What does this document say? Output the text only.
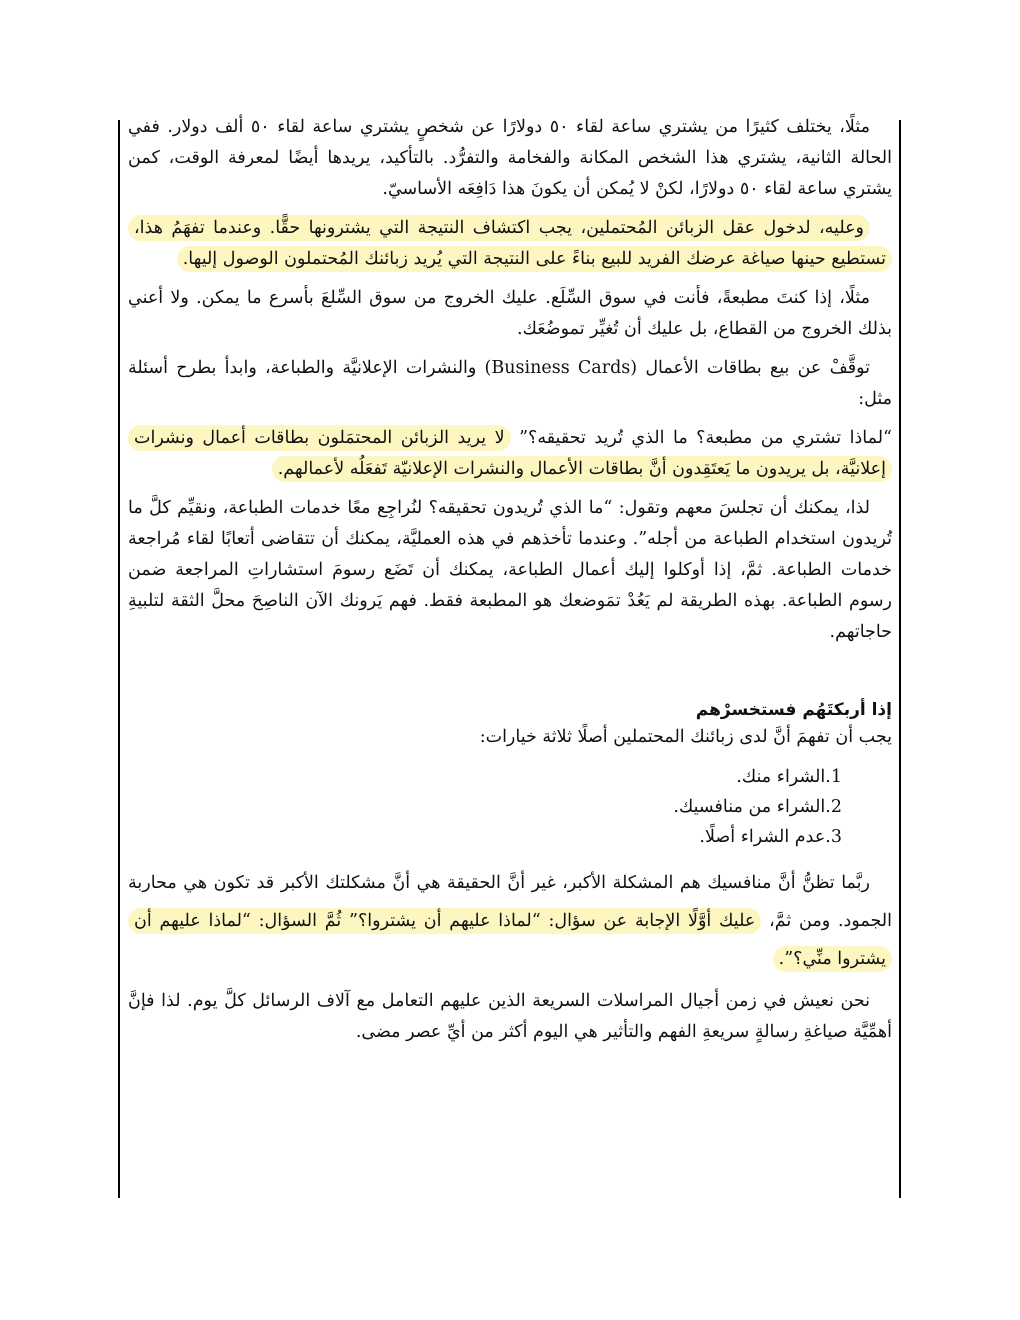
مثلًا، يختلف كثيرًا من يشتري ساعة لقاء ٥٠ دولارًا عن شخصٍ يشتري ساعة لقاء ٥٠ ألف دولار. ففي الحالة الثانية، يشتري هذا الشخص المكانة والفخامة والتفرُّد. بالتأكيد، يريدها أيضًا لمعرفة الوقت، كمن يشتري ساعة لقاء ٥٠ دولارًا، لكنْ لا يُمكن أن يكونَ هذا دَافِعَه الأساسيّ.

وعليه، لدخول عقل الزبائن المُحتملين، يجب اكتشاف النتيجة التي يشترونها حقًّا. وعندما تفهَمُ هذا، تستطيع حينها صياغة عرضك الفريد للبيع بناءً على النتيجة التي يُريد زبائنك المُحتملون الوصول إليها.

مثلًا، إذا كنتَ مطبعةً، فأنت في سوق السِّلَع. عليك الخروج من سوق السِّلعَ بأسرع ما يمكن. ولا أعني بذلك الخروج من القطاع، بل عليك أن تُغيِّر تموضُعَك.

توقَّفْ عن بيع بطاقات الأعمال (Business Cards) والنشرات الإعلانيَّة والطباعة، وابدأ بطرح أسئلة مثل:

“لماذا تشتري من مطبعة؟ ما الذي تُريد تحقيقه؟” لا يريد الزبائن المحتمَلون بطاقات أعمال ونشرات إعلانيَّة، بل يريدون ما يَعتَقِدون أنَّ بطاقات الأعمال والنشرات الإعلانيّة تَفعَلُه لأعمالهم.

لذا، يمكنك أن تجلسَ معهم وتقول: “ما الذي تُريدون تحقيقه؟ لنُراجِع معًا خدمات الطباعة، ونقيِّم كلَّ ما تُريدون استخدام الطباعة من أجله”. وعندما تأخذهم في هذه العمليَّة، يمكنك أن تتقاضى أتعابًا لقاء مُراجعة خدمات الطباعة. ثمَّ، إذا أوكلوا إليك أعمال الطباعة، يمكنك أن تَضَع رسومَ استشاراتِ المراجعة ضمن رسوم الطباعة. بهذه الطريقة لم يَعُدْ تمَوضعك هو المطبعة فقط. فهم يَرونك الآن الناصِحَ محلَّ الثقة لتلبيةِ حاجاتهم.

إذا أربكتَهُم فستخسرْهم

يجب أن تفهمَ أنَّ لدى زبائنك المحتملين أصلًا ثلاثة خيارات:

1.الشراء منك.
2.الشراء من منافسيك.
3.عدم الشراء أصلًا.

ربَّما تظنُّ أنَّ منافسيك هم المشكلة الأكبر، غير أنَّ الحقيقة هي أنَّ مشكلتك الأكبر قد تكون هي محاربة الجمود. ومن ثمَّ، عليك أوَّلًا الإجابة عن سؤال: “لماذا عليهم أن يشتروا؟” ثُمَّ السؤال: “لماذا عليهم أن يشتروا منِّي؟”.

نحن نعيش في زمن أجيال المراسلات السريعة الذين عليهم التعامل مع آلاف الرسائل كلَّ يوم. لذا فإنَّ أهمِّيَّة صياغةِ رسالةٍ سريعةِ الفهم والتأثير هي اليوم أكثر من أيِّ عصر مضى.
